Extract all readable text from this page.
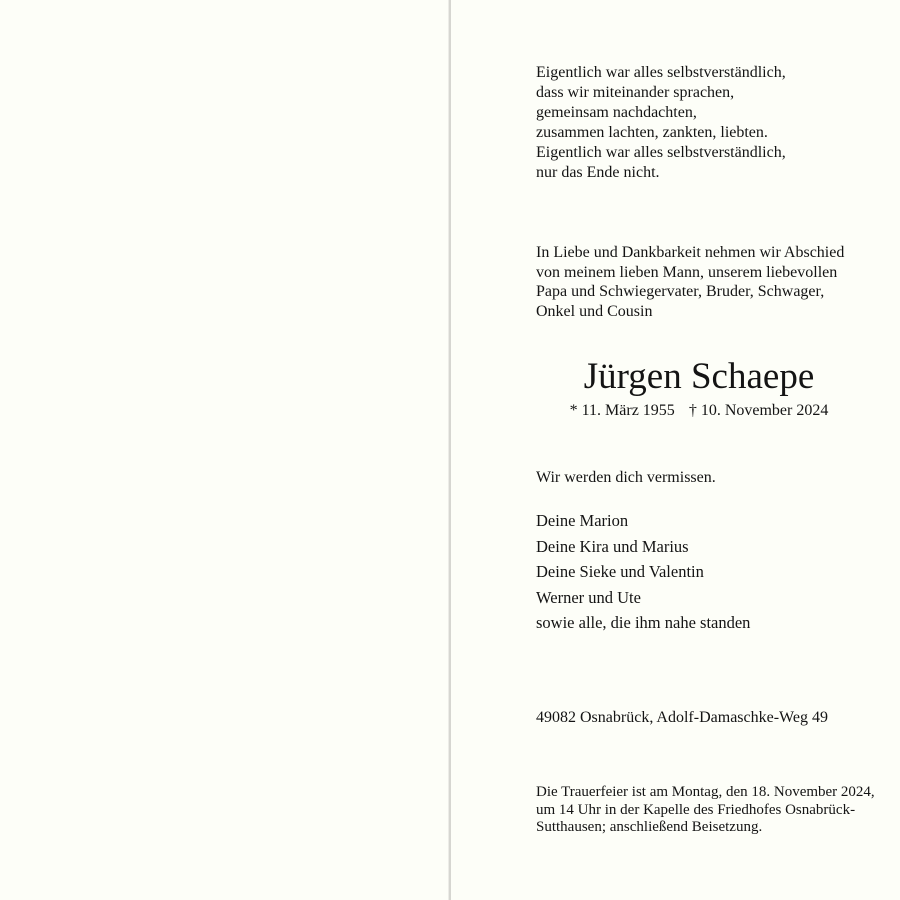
Eigentlich war alles selbstverständlich,
dass wir miteinander sprachen,
gemeinsam nachdachten,
zusammen lachten, zankten, liebten.
Eigentlich war alles selbstverständlich,
nur das Ende nicht.
In Liebe und Dankbarkeit nehmen wir Abschied
von meinem lieben Mann, unserem liebevollen
Papa und Schwiegervater, Bruder, Schwager,
Onkel und Cousin
Jürgen Schaepe
* 11. März 1955 † 10. November 2024
Wir werden dich vermissen.
Deine Marion
Deine Kira und Marius
Deine Sieke und Valentin
Werner und Ute
sowie alle, die ihm nahe standen
49082 Osnabrück, Adolf-Damaschke-Weg 49
Die Trauerfeier ist am Montag, den 18. November 2024,
um 14 Uhr in der Kapelle des Friedhofes Osnabrück-
Sutthausen; anschließend Beisetzung.
